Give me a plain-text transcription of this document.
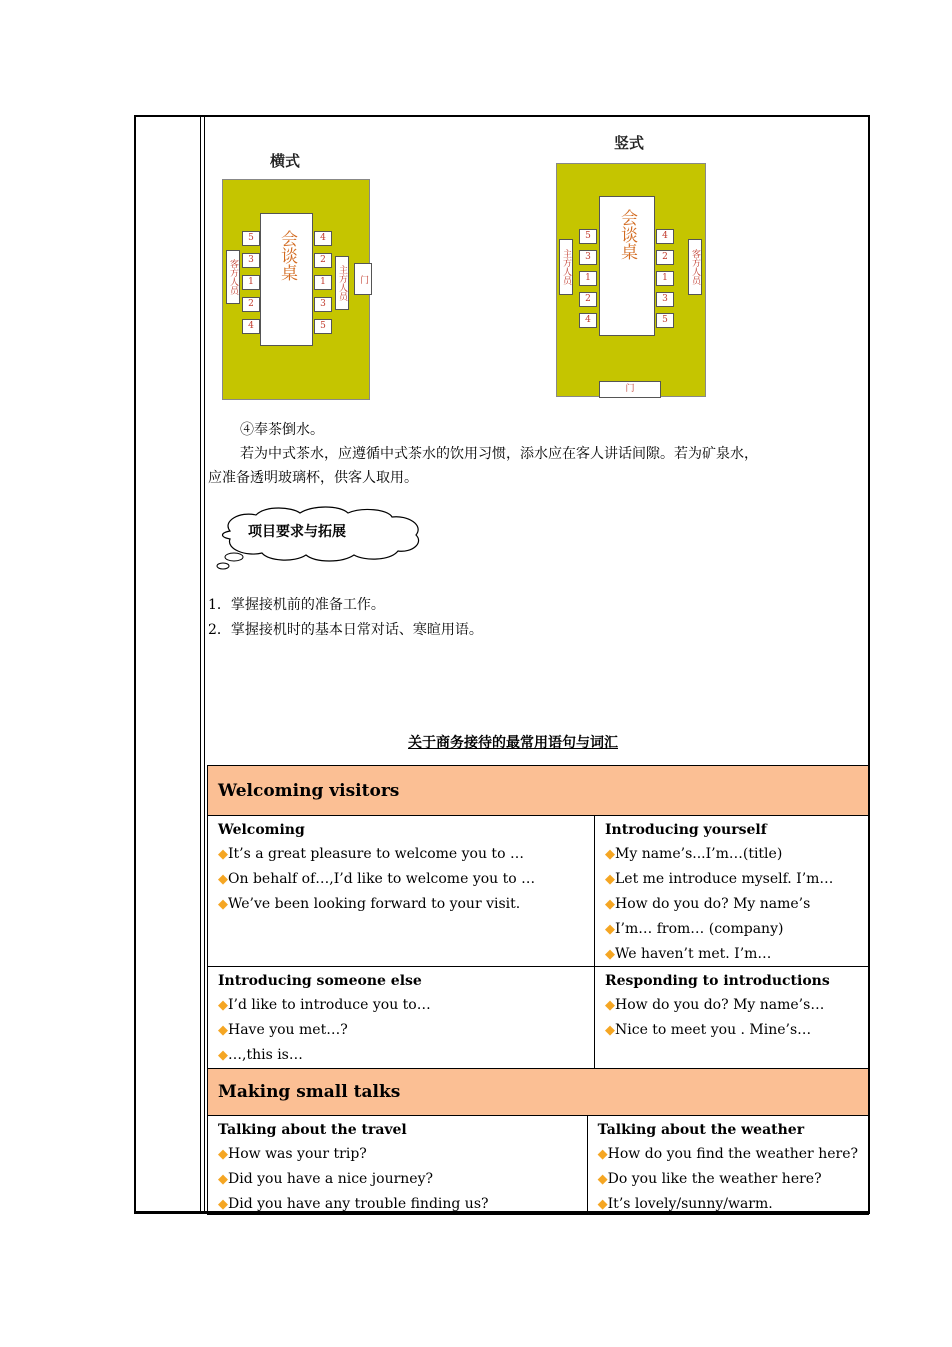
横式
会谈桌
5
3
1
2
4
4
2
1
3
5
客方人员	主方人员	门
竖式
会谈桌
5
3
1
2
4
4
2
1
3
5
主方人员	客方人员
门
④奉茶倒水。
若为中式茶水，应遵循中式茶水的饮用习惯，添水应在客人讲话间隙。若为矿泉水，
应准备透明玻璃杯，供客人取用。
项目要求与拓展
1．掌握接机前的准备工作。
2．掌握接机时的基本日常对话、寒暄用语。
关于商务接待的最常用语句与词汇
Welcoming visitors
Welcoming
◆It’s a great pleasure to welcome you to …
◆On behalf of…,I’d like to welcome you to …
◆We’ve been looking forward to your visit.
Introducing yourself
◆My name’s...I’m…(title)
◆Let me introduce myself. I’m…
◆How do you do? My name’s
◆I’m… from… (company)
◆We haven’t met. I’m…
Introducing someone else
◆I’d like to introduce you to…
◆Have you met…?
◆…,this is…
Responding to introductions
◆How do you do? My name’s…
◆Nice to meet you . Mine’s…
Making small talks
Talking about the travel
◆How was your trip?
◆Did you have a nice journey?
◆Did you have any trouble finding us?
Talking about the weather
◆How do you find the weather here?
◆Do you like the weather here?
◆It’s lovely/sunny/warm.
